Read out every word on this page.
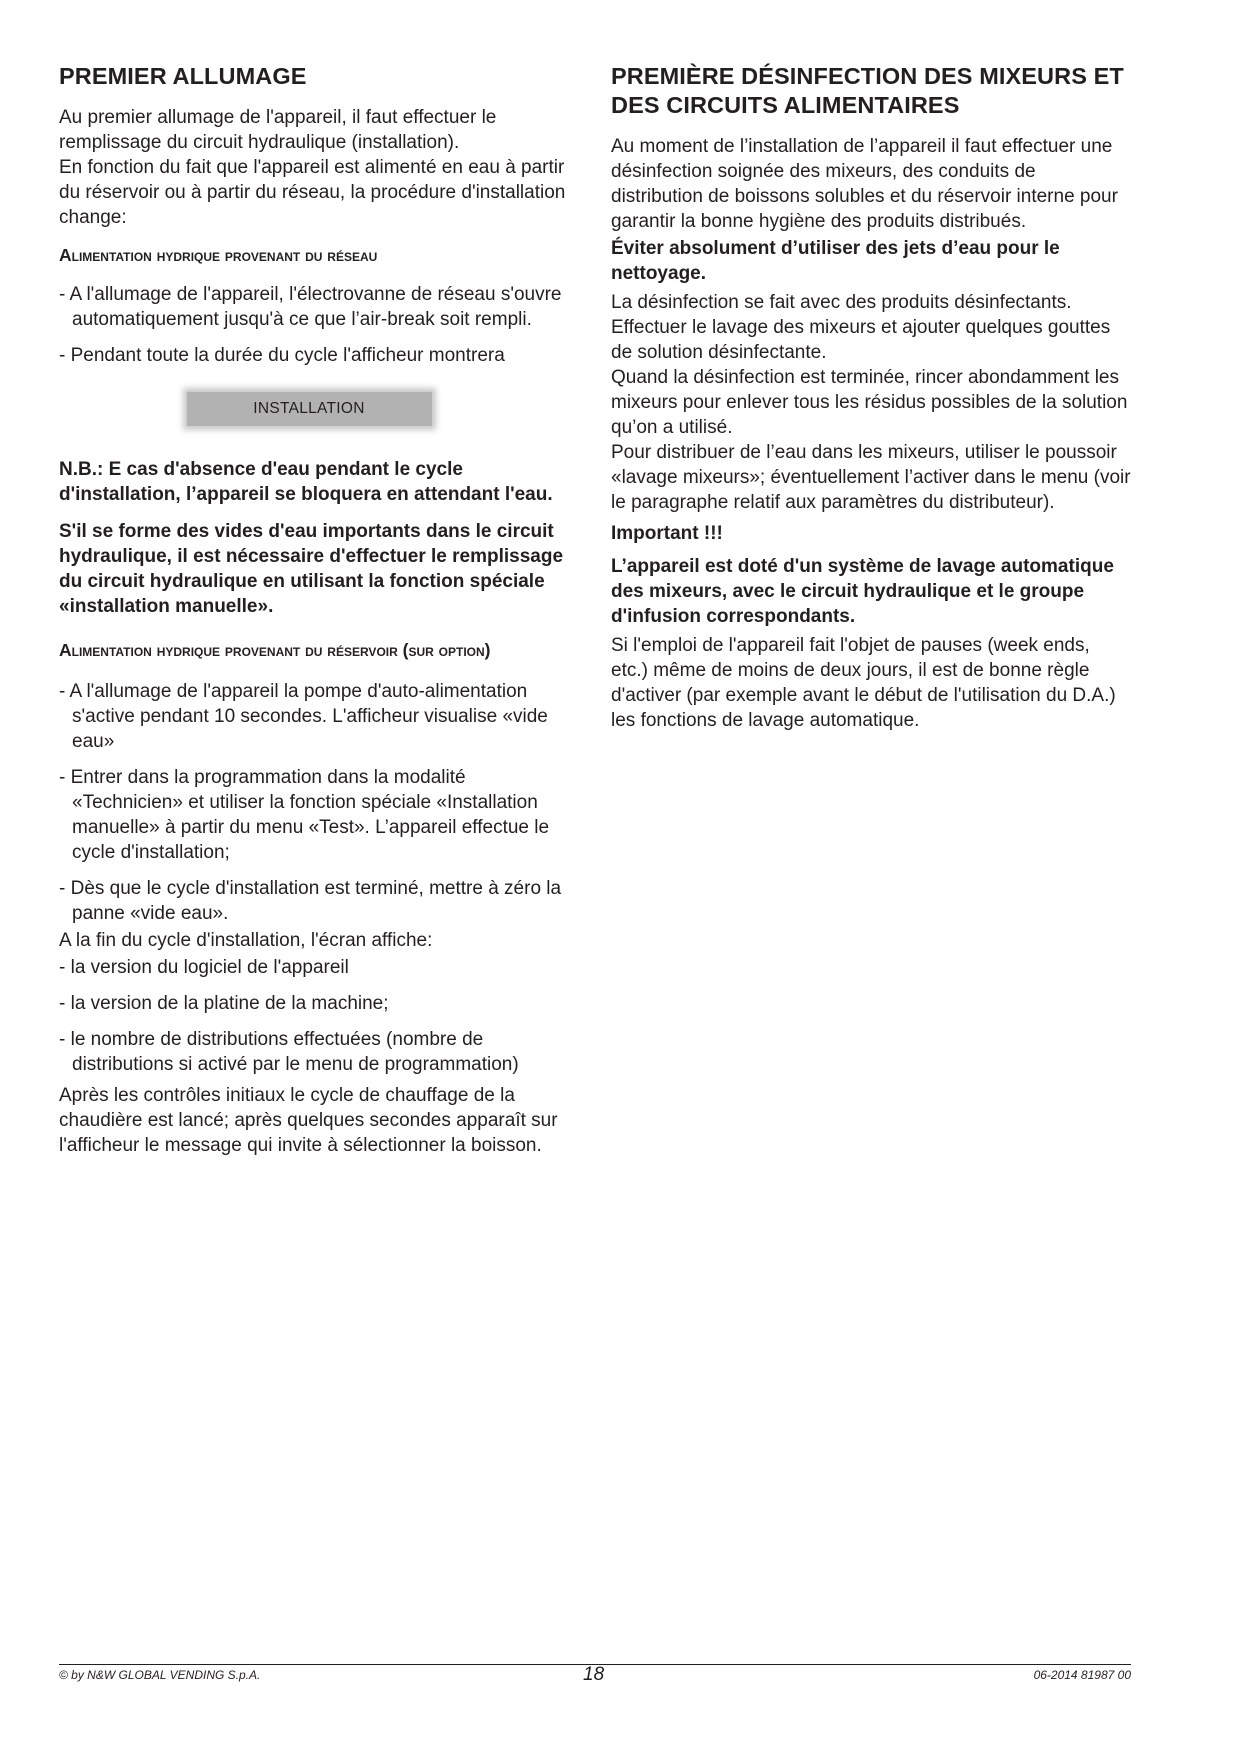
PREMIER ALLUMAGE

Au premier allumage de l'appareil, il faut effectuer le remplissage du circuit hydraulique (installation).

En fonction du fait que l'appareil est alimenté en eau à partir du réservoir ou à partir du réseau, la procédure d'installation change:

Alimentation hydrique provenant du réseau

- A l'allumage de l'appareil, l'électrovanne de réseau s'ouvre automatiquement jusqu'à ce que l’air-break soit rempli.

- Pendant toute la durée du cycle l'afficheur montrera

INSTALLATION

N.B.: E cas d'absence d'eau pendant le cycle d'installation, l’appareil se bloquera en attendant l'eau.

S'il se forme des vides d'eau importants dans le circuit hydraulique, il est nécessaire d'effectuer le remplissage du circuit hydraulique en utilisant la fonction spéciale «installation manuelle».

Alimentation hydrique provenant du réservoir (sur option)

- A l'allumage de l'appareil la pompe d'auto-alimentation s'active pendant 10 secondes. L'afficheur visualise «vide eau»

- Entrer dans la programmation dans la modalité «Technicien» et utiliser la fonction spéciale «Installation manuelle» à partir du menu «Test». L’appareil effectue le cycle d'installation;

- Dès que le cycle d'installation est terminé, mettre à zéro la panne «vide eau».

A la fin du cycle d'installation, l'écran affiche:

- la version du logiciel de l'appareil

- la version de la platine de la machine;

- le nombre de distributions effectuées (nombre de distributions si activé par le menu de programmation)

Après les contrôles initiaux le cycle de chauffage de la chaudière est lancé; après quelques secondes apparaît sur l'afficheur le message qui invite à sélectionner la boisson.

PREMIÈRE DÉSINFECTION DES MIXEURS ET DES CIRCUITS ALIMENTAIRES

Au moment de l’installation de l’appareil il faut effectuer une désinfection soignée des mixeurs, des conduits de distribution de boissons solubles et du réservoir interne pour garantir la bonne hygiène des produits distribués.

Éviter absolument d’utiliser des jets d’eau pour le nettoyage.

La désinfection se fait avec des produits désinfectants. Effectuer le lavage des mixeurs et ajouter quelques gouttes de solution désinfectante.

Quand la désinfection est terminée, rincer abondamment les mixeurs pour enlever tous les résidus possibles de la solution qu’on a utilisé.

Pour distribuer de l’eau dans les mixeurs, utiliser le poussoir «lavage mixeurs»; éventuellement l’activer dans le menu (voir le paragraphe relatif aux paramètres du distributeur).

Important !!!

L’appareil est doté d'un système de lavage automatique des mixeurs, avec le circuit hydraulique et le groupe d'infusion correspondants.

Si l'emploi de l'appareil fait l'objet de pauses (week ends, etc.) même de moins de deux jours, il est de bonne règle d'activer (par exemple avant le début de l'utilisation du D.A.) les fonctions de lavage automatique.

© by N&W GLOBAL VENDING S.p.A.	18	06-2014 81987 00
